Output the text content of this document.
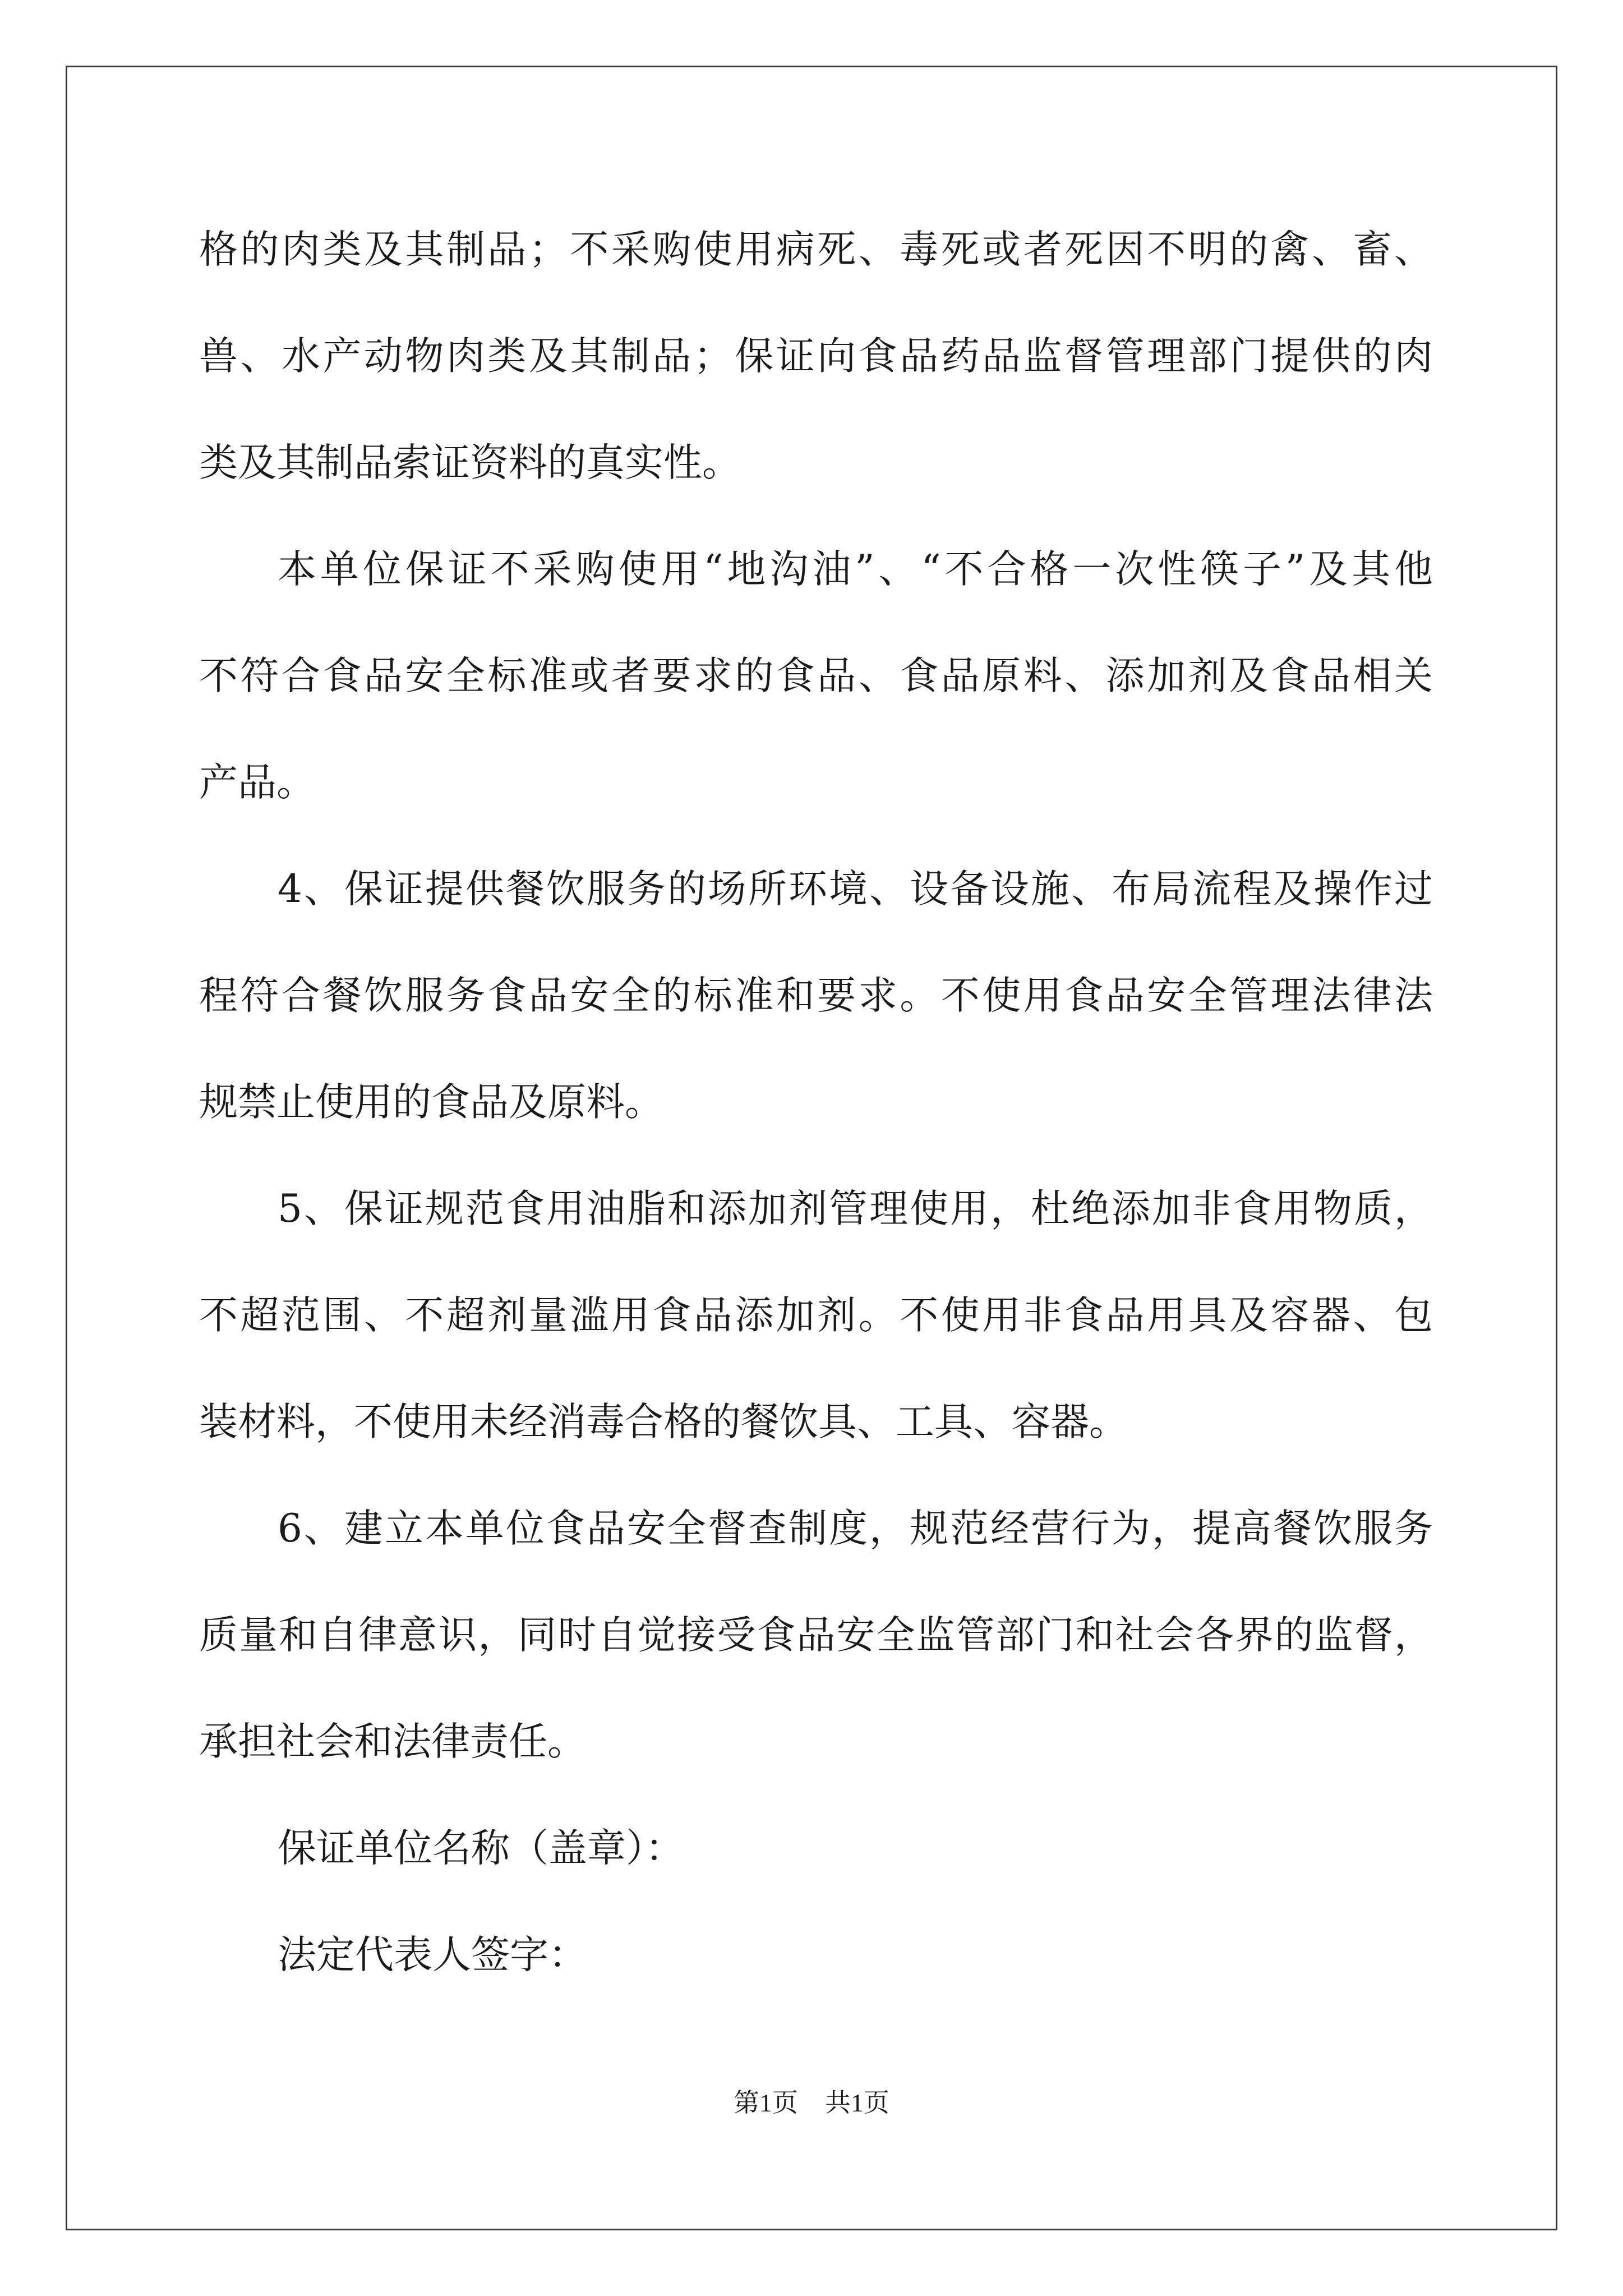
格的肉类及其制品；不采购使用病死、毒死或者死因不明的禽、畜、
兽、水产动物肉类及其制品；保证向食品药品监督管理部门提供的肉
类及其制品索证资料的真实性。
本单位保证不采购使用“地沟油”、“不合格一次性筷子”及其他
不符合食品安全标准或者要求的食品、食品原料、添加剂及食品相关
产品。
4、保证提供餐饮服务的场所环境、设备设施、布局流程及操作过
程符合餐饮服务食品安全的标准和要求。不使用食品安全管理法律法
规禁止使用的食品及原料。
5、保证规范食用油脂和添加剂管理使用，杜绝添加非食用物质，
不超范围、不超剂量滥用食品添加剂。不使用非食品用具及容器、包
装材料，不使用未经消毒合格的餐饮具、工具、容器。
6、建立本单位食品安全督查制度，规范经营行为，提高餐饮服务
质量和自律意识，同时自觉接受食品安全监管部门和社会各界的监督，
承担社会和法律责任。
保证单位名称（盖章）：
法定代表人签字：
第1页 共1页
